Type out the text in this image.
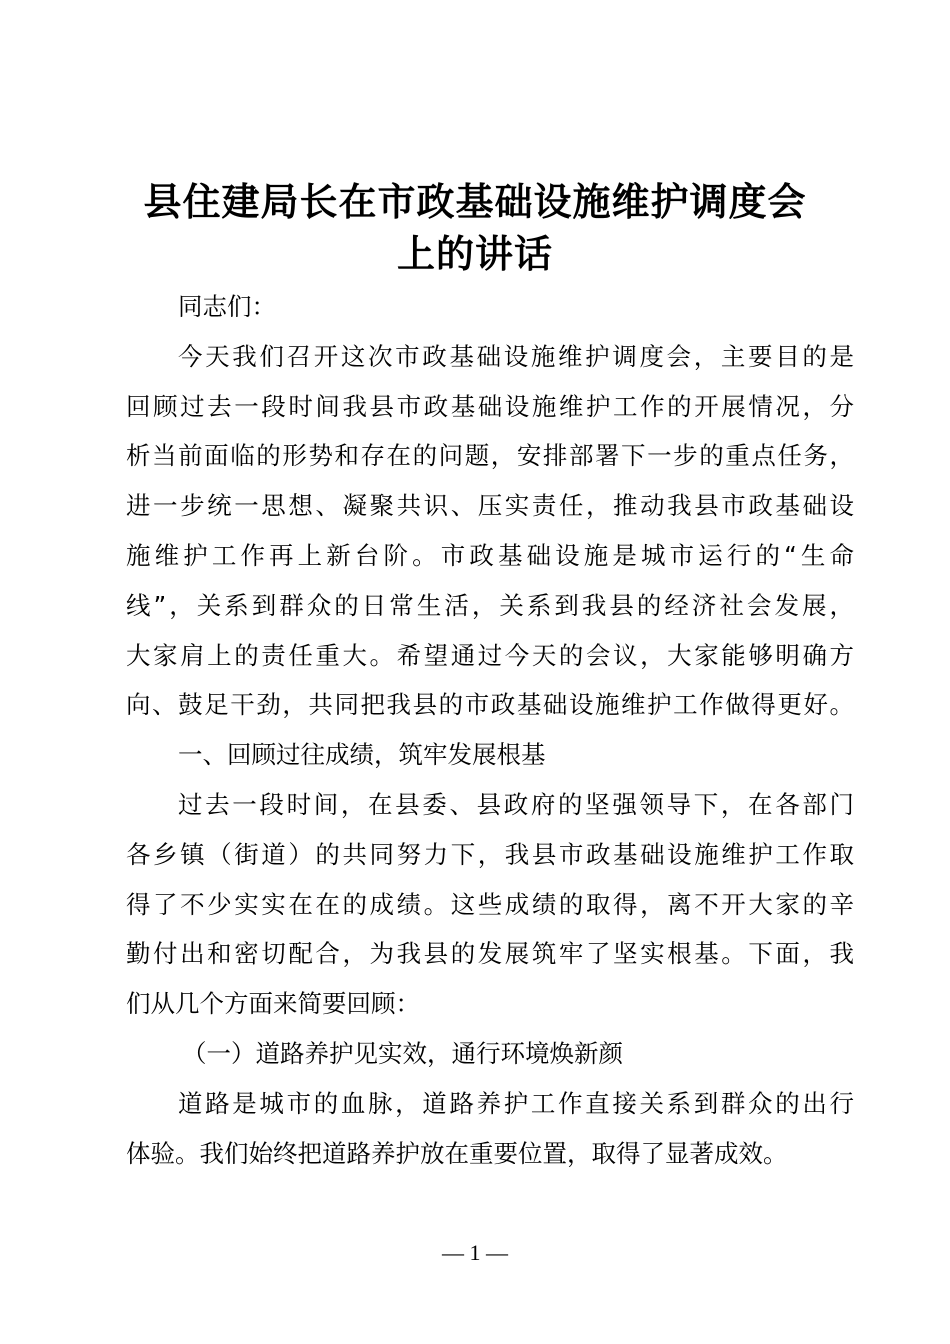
县住建局长在市政基础设施维护调度会
上的讲话
同志们：
今天我们召开这次市政基础设施维护调度会，主要目的是
回顾过去一段时间我县市政基础设施维护工作的开展情况，分
析当前面临的形势和存在的问题，安排部署下一步的重点任务，
进一步统一思想、凝聚共识、压实责任，推动我县市政基础设
施维护工作再上新台阶。市政基础设施是城市运行的“生命
线”，关系到群众的日常生活，关系到我县的经济社会发展，
大家肩上的责任重大。希望通过今天的会议，大家能够明确方
向、鼓足干劲，共同把我县的市政基础设施维护工作做得更好。
一、回顾过往成绩，筑牢发展根基
过去一段时间，在县委、县政府的坚强领导下，在各部门
各乡镇（街道）的共同努力下，我县市政基础设施维护工作取
得了不少实实在在的成绩。这些成绩的取得，离不开大家的辛
勤付出和密切配合，为我县的发展筑牢了坚实根基。下面，我
们从几个方面来简要回顾：
（一）道路养护见实效，通行环境焕新颜
道路是城市的血脉，道路养护工作直接关系到群众的出行
体验。我们始终把道路养护放在重要位置，取得了显著成效。
— 1 —
